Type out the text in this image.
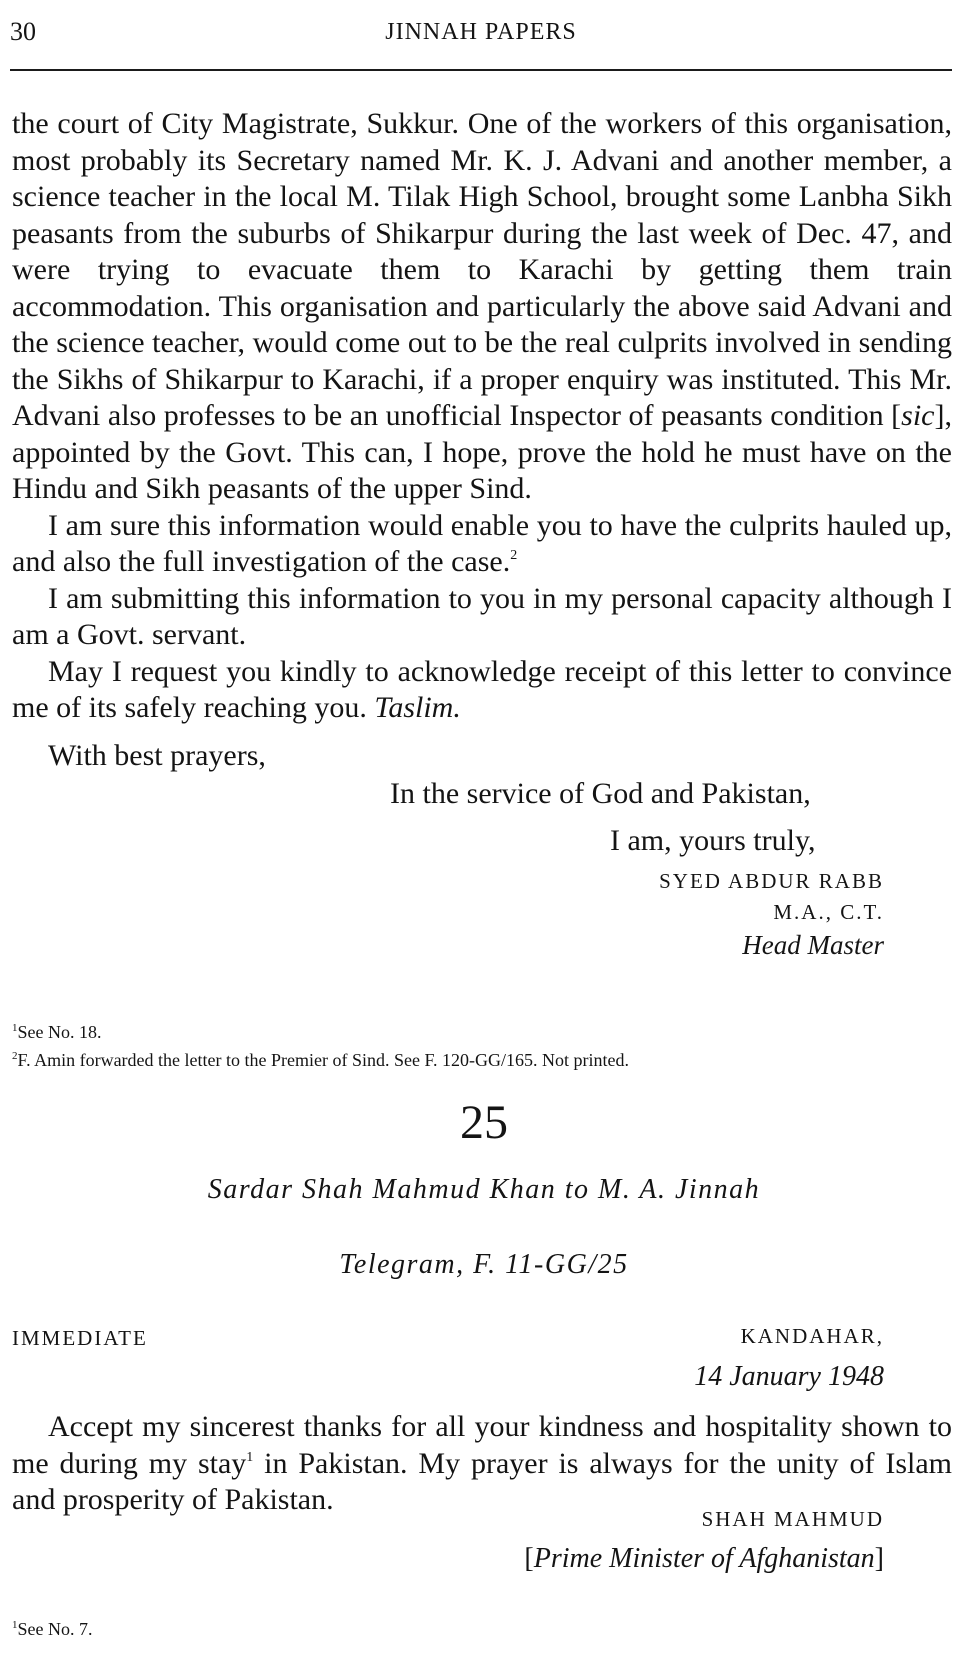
30	JINNAH PAPERS

the court of City Magistrate, Sukkur. One of the workers of this organisation, most probably its Secretary named Mr. K. J. Advani and another member, a science teacher in the local M. Tilak High School, brought some Lanbha Sikh peasants from the suburbs of Shikarpur during the last week of Dec. 47, and were trying to evacuate them to Karachi by getting them train accommodation. This organisation and particularly the above said Advani and the science teacher, would come out to be the real culprits involved in sending the Sikhs of Shikarpur to Karachi, if a proper enquiry was instituted. This Mr. Advani also professes to be an unofficial Inspector of peasants condition [sic], appointed by the Govt. This can, I hope, prove the hold he must have on the Hindu and Sikh peasants of the upper Sind.

I am sure this information would enable you to have the culprits hauled up, and also the full investigation of the case.$^2$

I am submitting this information to you in my personal capacity although I am a Govt. servant.

May I request you kindly to acknowledge receipt of this letter to convince me of its safely reaching you. Taslim.

With best prayers,

In the service of God and Pakistan,
I am, yours truly,
SYED ABDUR RABB
M.A., C.T.
Head Master

$^1$See No. 18.

$^2$F. Amin forwarded the letter to the Premier of Sind. See F. 120-GG/165. Not printed.

25
Sardar Shah Mahmud Khan to M. A. Jinnah
Telegram, F. 11-GG/25
IMMEDIATE	KANDAHAR,
14 January 1948

Accept my sincerest thanks for all your kindness and hospitality shown to me during my stay$^1$ in Pakistan. My prayer is always for the unity of Islam and prosperity of Pakistan.

SHAH MAHMUD
[Prime Minister of Afghanistan]
$^1$See No. 7.
